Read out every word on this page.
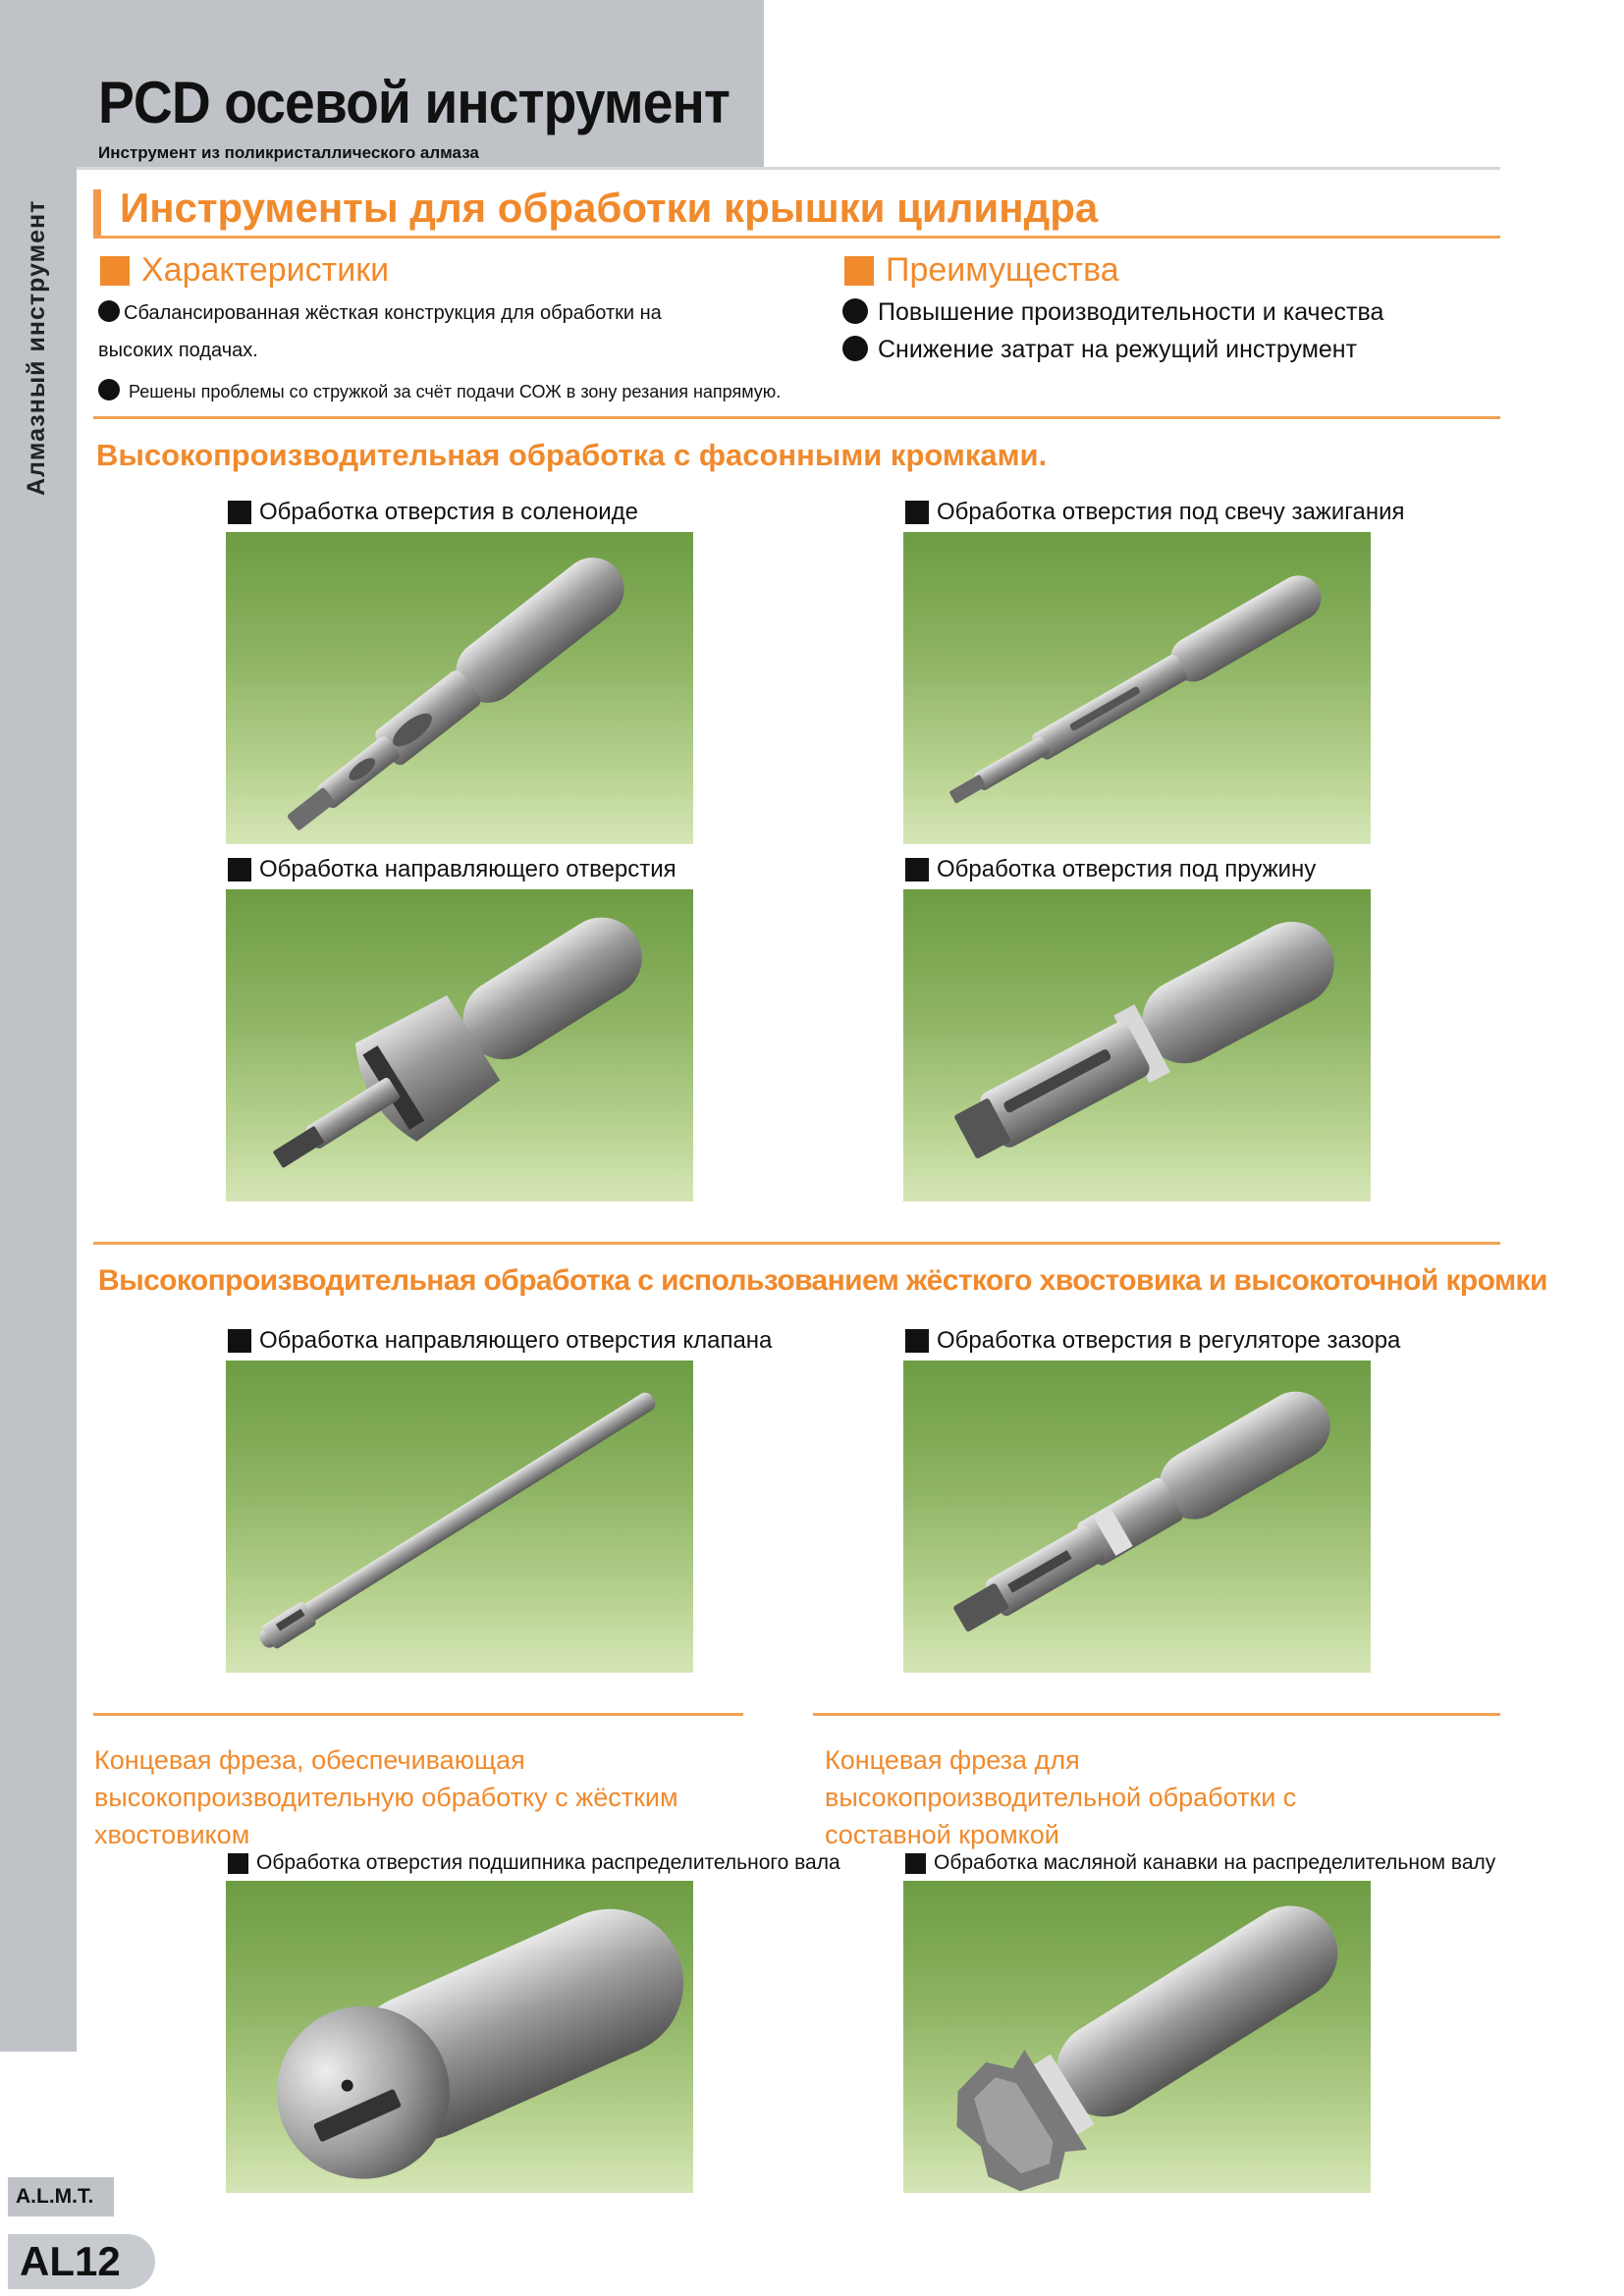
Алмазный инструмент
PCD осевой инструмент
Инструмент из поликристаллического алмаза
Инструменты для обработки крышки цилиндра
Характеристики
Сбалансированная жёсткая конструкция для обработки на
высоких подачах.
Решены проблемы со стружкой за счёт подачи СОЖ в зону резания напрямую.
Преимущества
Повышение производительности и качества
Снижение затрат на режущий инструмент
Высокопроизводительная обработка с фасонными кромками.
Обработка отверстия в соленоиде	Обработка отверстия под свечу зажигания
Обработка направляющего отверстия	Обработка отверстия под пружину
Высокопроизводительная обработка с использованием жёсткого хвостовика и высокоточной кромки
Обработка направляющего отверстия клапана	Обработка отверстия в регуляторе зазора
Концевая фреза, обеспечивающая высокопроизводительную обработку с жёстким хвостовиком
Концевая фреза для высокопроизводительной обработки с составной кромкой
Обработка отверстия подшипника распределительного вала	Обработка масляной канавки на распределительном валу
A.L.M.T.
AL12
